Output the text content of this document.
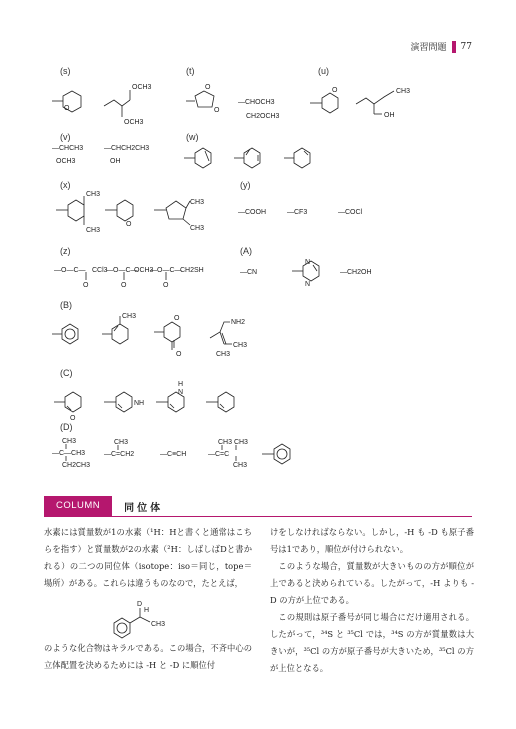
演習問題 77
(s)	(t)	(u)
(v)	(w)
(x)	(y)
(z)	(A)
(B)
(C)
(D)
O
OCH3
OCH3
O
O
—CHOCH3
CH2OCH3
O	CH3
OH
—CHCH3
OCH3
—CHCH2CH3
OH
CH3
CH3
O
CH3
CH3
—COOH	—CF3	—COCl
—O—C— CCl3
—O—C—
OCH3
—O—C—
CH2SH
O	O	O
—CN
N
N
—CH2OH
CH3	O
O
NH2
CH3
CH3
O
NH
H
N
CH3
—C—CH3
CH2CH3
CH3
—C=CH2	—C≡CH
CH3 CH3
—C=C
CH3
D
H
CH3
COLUMN	同位体

水素には質量数が1の水素（¹H：Hと書くと通常はこちらを指す）と質量数が2の水素（²H：しばしばDと書かれる）の二つの同位体（isotope：iso＝同じ，tope＝場所）がある。これらは違うものなので，たとえば，

のような化合物はキラルである。この場合，不斉中心の立体配置を決めるためには -H と -D に順位付

けをしなければならない。しかし，-H も -D も原子番号は1であり，順位が付けられない。

このような場合，質量数が大きいものの方が順位が上であると決められている。したがって，-H よりも -D の方が上位である。

この規則は原子番号が同じ場合にだけ適用される。したがって，³⁴S と ³⁵Cl では，³⁴S の方が質量数は大きいが，³⁵Cl の方が原子番号が大きいため，³⁵Cl の方が上位となる。
